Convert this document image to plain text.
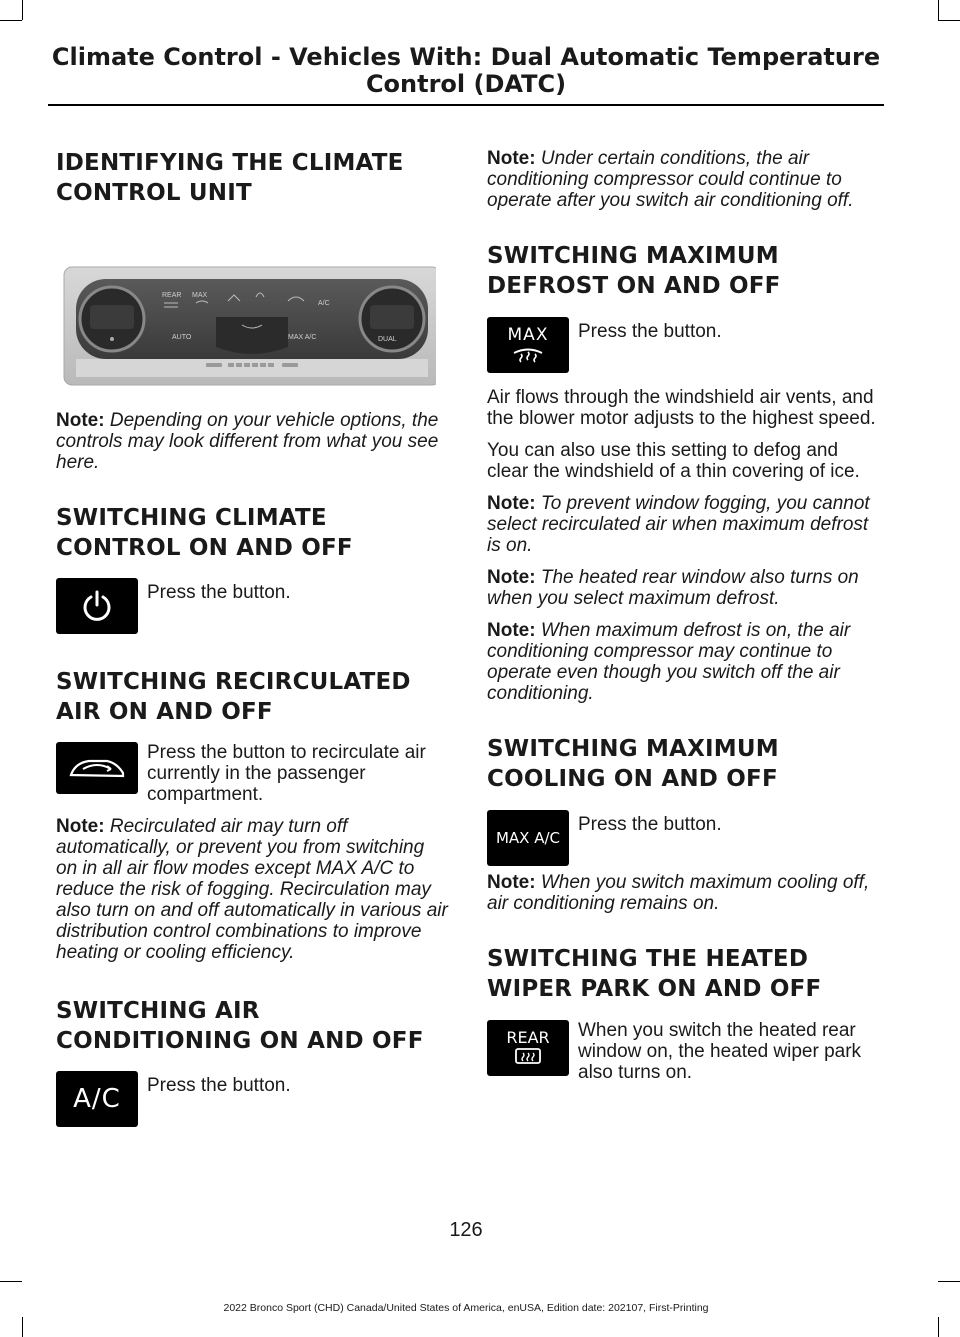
Climate Control - Vehicles With: Dual Automatic Temperature
Control (DATC)
IDENTIFYING THE CLIMATE
CONTROL UNIT
REAR MAX
A/C
AUTO	MAX A/C	DUAL

Note: Depending on your vehicle options, the controls may look different from what you see here.

SWITCHING CLIMATE
CONTROL ON AND OFF
Press the button.
SWITCHING RECIRCULATED
AIR ON AND OFF
Press the button to recirculate air currently in the passenger compartment.

Note: Recirculated air may turn off automatically, or prevent you from switching on in all air flow modes except MAX A/C to reduce the risk of fogging. Recirculation may also turn on and off automatically in various air distribution control combinations to improve heating or cooling efficiency.

SWITCHING AIR
CONDITIONING ON AND OFF
A/C Press the button.

Note: Under certain conditions, the air conditioning compressor could continue to operate after you switch air conditioning off.

SWITCHING MAXIMUM
DEFROST ON AND OFF
MAX Press the button.

Air flows through the windshield air vents, and the blower motor adjusts to the highest speed.

You can also use this setting to defog and clear the windshield of a thin covering of ice.

Note: To prevent window fogging, you cannot select recirculated air when maximum defrost is on.

Note: The heated rear window also turns on when you select maximum defrost.

Note: When maximum defrost is on, the air conditioning compressor may continue to operate even though you switch off the air conditioning.

SWITCHING MAXIMUM
COOLING ON AND OFF
MAX A/C
Press the button.

Note: When you switch maximum cooling off, air conditioning remains on.

SWITCHING THE HEATED
WIPER PARK ON AND OFF
REAR When you switch the heated rear window on, the heated wiper park also turns on.
126
2022 Bronco Sport (CHD) Canada/United States of America, enUSA, Edition date: 202107, First-Printing
